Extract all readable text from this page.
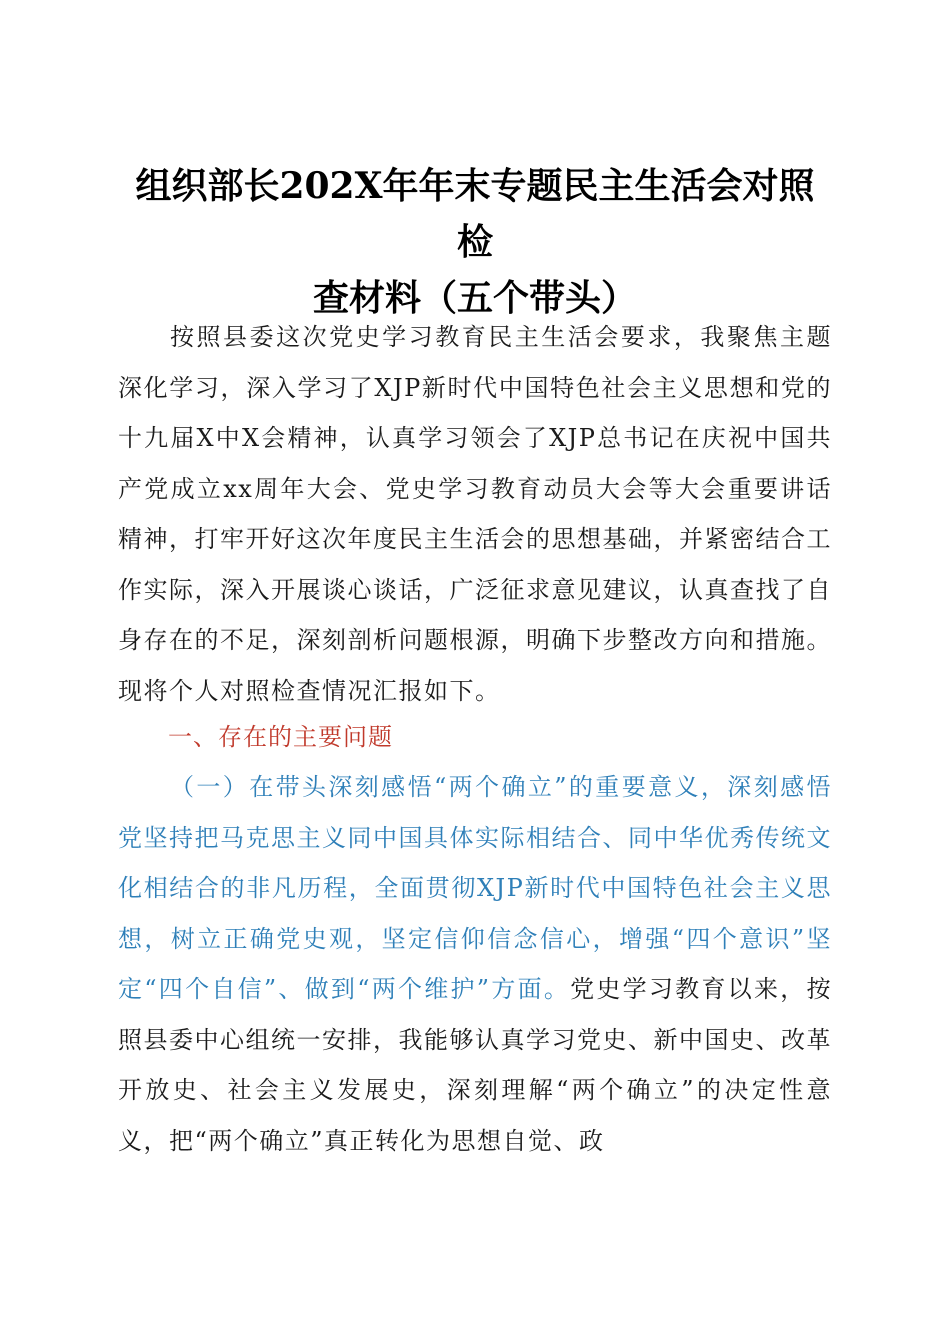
组织部长202X年年末专题民主生活会对照检
查材料（五个带头）

按照县委这次党史学习教育民主生活会要求，我聚焦主题深化学习，深入学习了XJP新时代中国特色社会主义思想和党的十九届X中X会精神，认真学习领会了XJP总书记在庆祝中国共产党成立xx周年大会、党史学习教育动员大会等大会重要讲话精神，打牢开好这次年度民主生活会的思想基础，并紧密结合工作实际，深入开展谈心谈话，广泛征求意见建议，认真查找了自身存在的不足，深刻剖析问题根源，明确下步整改方向和措施。现将个人对照检查情况汇报如下。

一、存在的主要问题

（一）在带头深刻感悟“两个确立”的重要意义，深刻感悟党坚持把马克思主义同中国具体实际相结合、同中华优秀传统文化相结合的非凡历程，全面贯彻XJP新时代中国特色社会主义思想，树立正确党史观，坚定信仰信念信心，增强“四个意识”坚定“四个自信”、做到“两个维护”方面。党史学习教育以来，按照县委中心组统一安排，我能够认真学习党史、新中国史、改革开放史、社会主义发展史，深刻理解“两个确立”的决定性意义，把“两个确立”真正转化为思想自觉、政
